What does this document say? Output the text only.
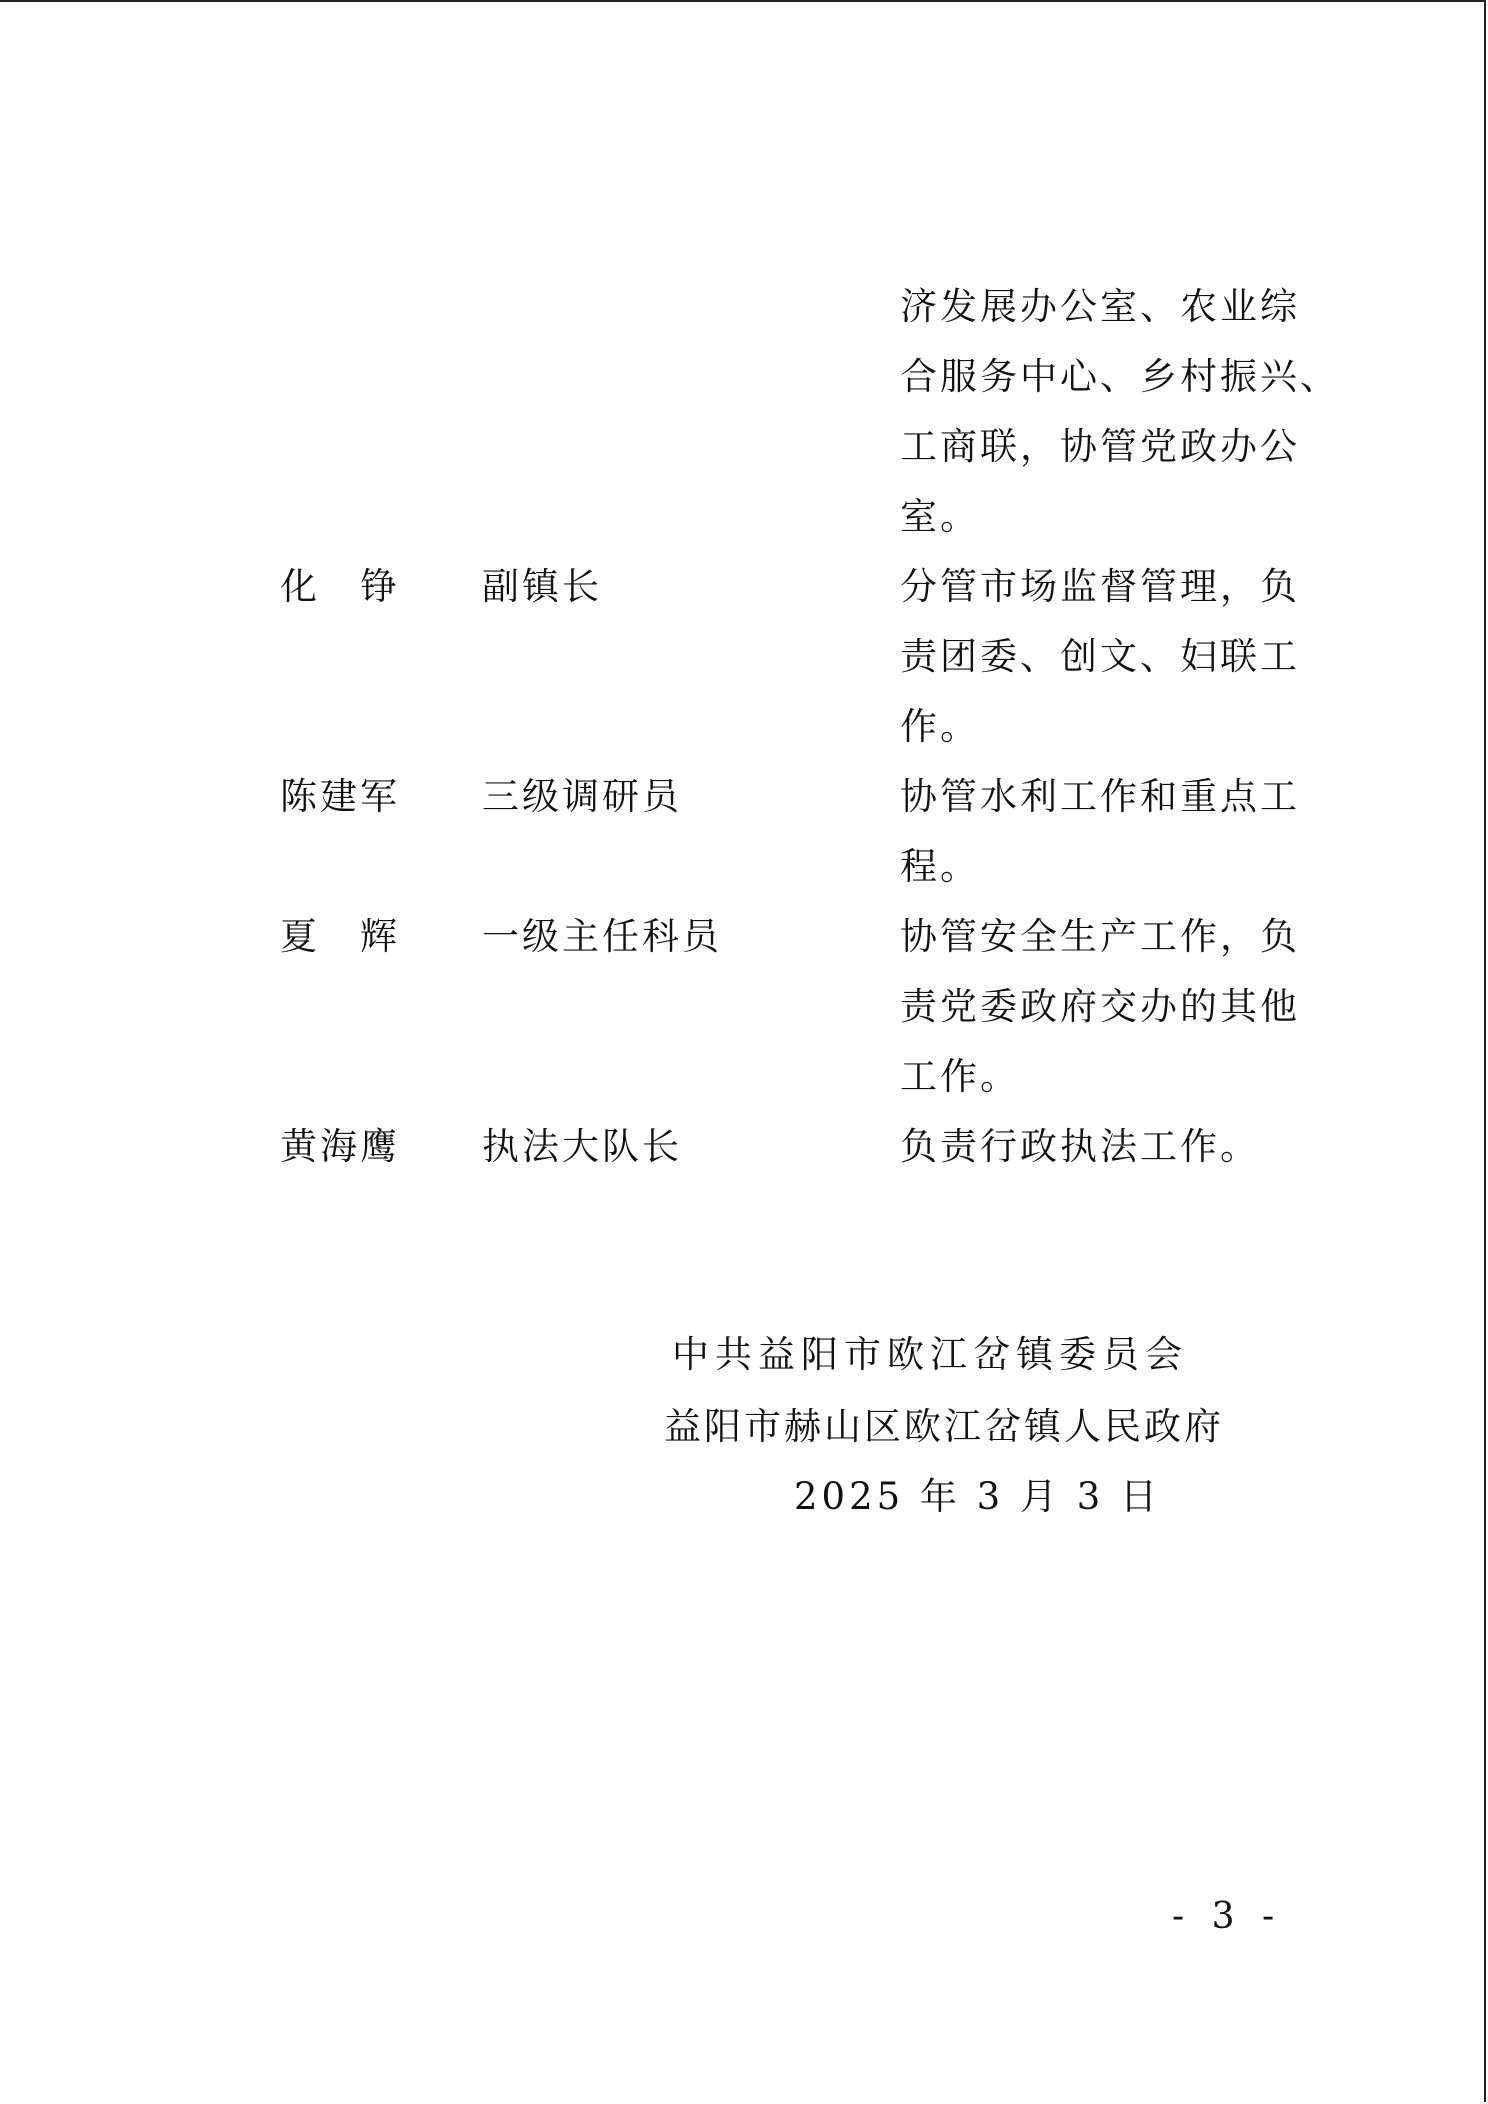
济发展办公室、农业综
合服务中心、乡村振兴、
工商联，协管党政办公
室。
化　铮 副镇长	分管市场监督管理，负
责团委、创文、妇联工
作。
陈建军 三级调研员	协管水利工作和重点工
程。
夏　辉 一级主任科员	协管安全生产工作，负
责党委政府交办的其他
工作。
黄海鹰 执法大队长	负责行政执法工作。
中共益阳市欧江岔镇委员会
益阳市赫山区欧江岔镇人民政府
2025 年 3 月 3 日
- 3 -
